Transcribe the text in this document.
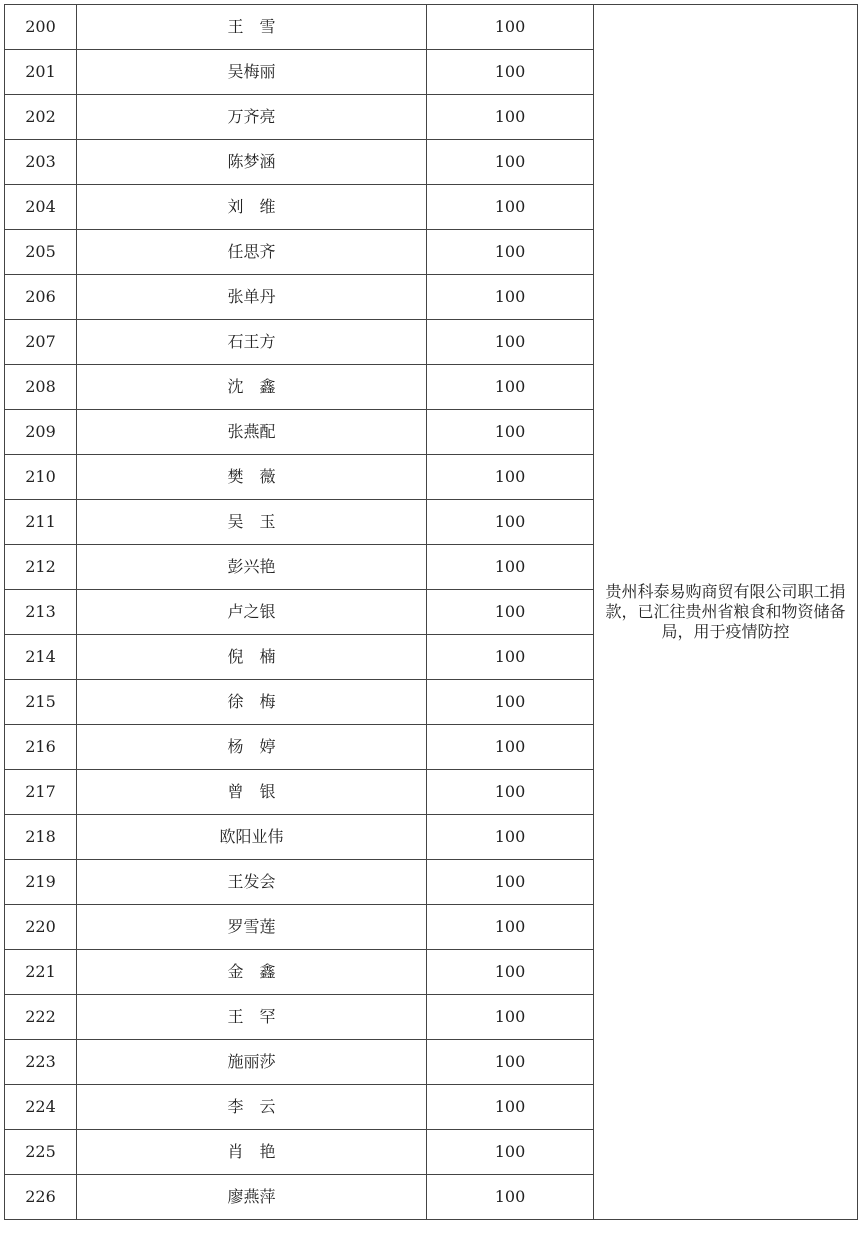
200	王　雪	100	贵州科泰易购商贸有限公司职工捐款，已汇往贵州省粮食和物资储备局，用于疫情防控
201	吴梅丽	100	
202	万齐亮	100	
203	陈梦涵	100	
204	刘　维	100	
205	任思齐	100	
206	张单丹	100	
207	石王方	100	
208	沈　鑫	100	
209	张燕配	100	
210	樊　薇	100	
211	吴　玉	100	
212	彭兴艳	100	
213	卢之银	100	
214	倪　楠	100	
215	徐　梅	100	
216	杨　婷	100	
217	曾　银	100	
218	欧阳业伟	100	
219	王发会	100	
220	罗雪莲	100	
221	金　鑫	100	
222	王　罕	100	
223	施丽莎	100	
224	李　云	100	
225	肖　艳	100	
226	廖燕萍	100	
